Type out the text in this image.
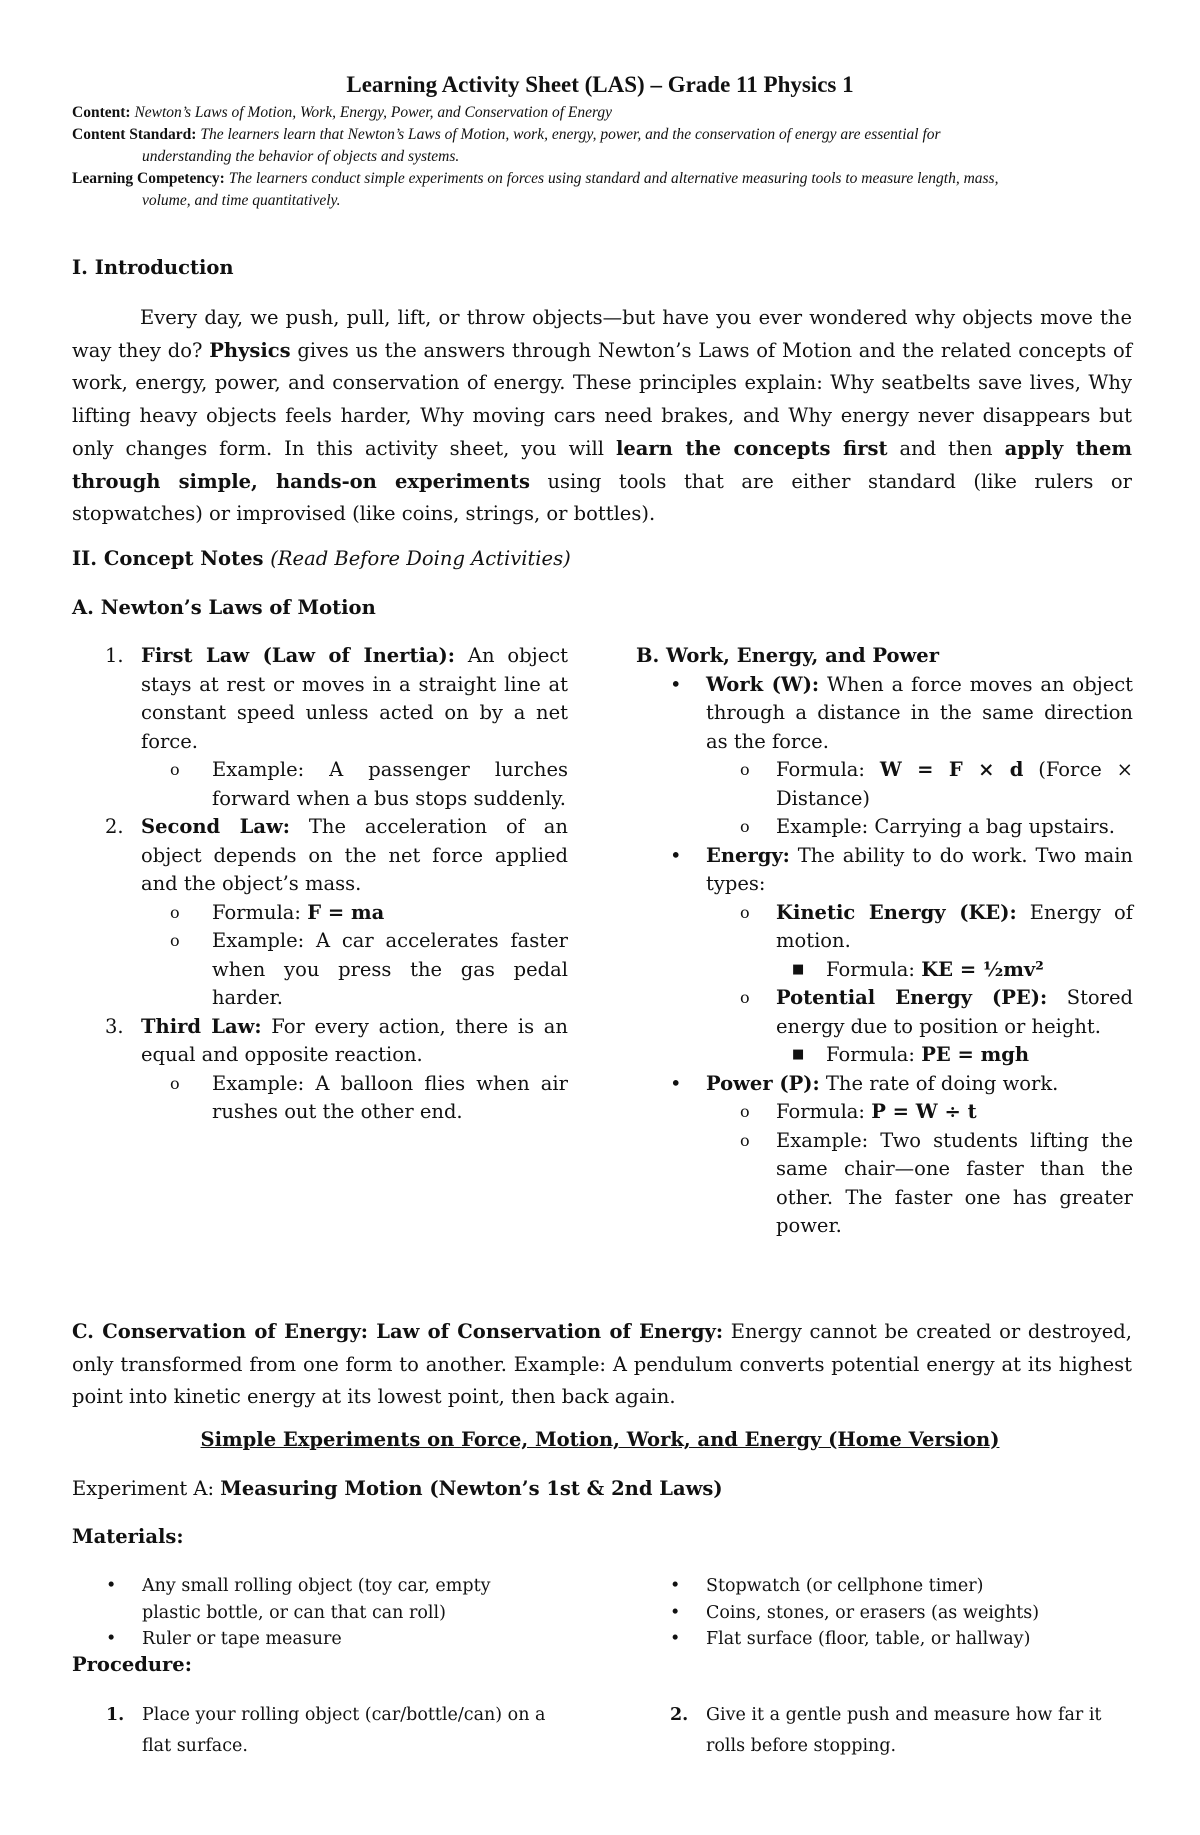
Learning Activity Sheet (LAS) – Grade 11 Physics 1
Content: Newton’s Laws of Motion, Work, Energy, Power, and Conservation of Energy
Content Standard: The learners learn that Newton’s Laws of Motion, work, energy, power, and the conservation of energy are essential for
understanding the behavior of objects and systems.
Learning Competency: The learners conduct simple experiments on forces using standard and alternative measuring tools to measure length, mass,
volume, and time quantitatively.
I. Introduction

Every day, we push, pull, lift, or throw objects—but have you ever wondered why objects move the way they do? Physics gives us the answers through Newton’s Laws of Motion and the related concepts of work, energy, power, and conservation of energy. These principles explain: Why seatbelts save lives, Why lifting heavy objects feels harder, Why moving cars need brakes, and Why energy never disappears but only changes form. In this activity sheet, you will learn the concepts first and then apply them through simple, hands-on experiments using tools that are either standard (like rulers or stopwatches) or improvised (like coins, strings, or bottles).

II. Concept Notes (Read Before Doing Activities)
A. Newton’s Laws of Motion
1. First Law (Law of Inertia): An object stays at rest or moves in a straight line at constant speed unless acted on by a net force.
o Example: A passenger lurches forward when a bus stops suddenly.
2. Second Law: The acceleration of an object depends on the net force applied and the object’s mass.
o Formula: F = ma
o Example: A car accelerates faster when you press the gas pedal harder.
3. Third Law: For every action, there is an equal and opposite reaction.
o Example: A balloon flies when air rushes out the other end.
B. Work, Energy, and Power
• Work (W): When a force moves an object through a distance in the same direction as the force.
o Formula: W = F × d (Force × Distance)
o Example: Carrying a bag upstairs.
• Energy: The ability to do work. Two main types:
o Kinetic Energy (KE): Energy of motion.
■ Formula: KE = ½mv²
o Potential Energy (PE): Stored energy due to position or height.
■ Formula: PE = mgh
• Power (P): The rate of doing work.
o Formula: P = W ÷ t
o Example: Two students lifting the same chair—one faster than the other. The faster one has greater power.

C. Conservation of Energy: Law of Conservation of Energy: Energy cannot be created or destroyed, only transformed from one form to another. Example: A pendulum converts potential energy at its highest point into kinetic energy at its lowest point, then back again.

Simple Experiments on Force, Motion, Work, and Energy (Home Version)
Experiment A: Measuring Motion (Newton’s 1st & 2nd Laws)
Materials:
• Any small rolling object (toy car, empty plastic bottle, or can that can roll)
• Ruler or tape measure
• Stopwatch (or cellphone timer)
• Coins, stones, or erasers (as weights)
• Flat surface (floor, table, or hallway)
Procedure:
1. Place your rolling object (car/bottle/can) on a flat surface.
2. Give it a gentle push and measure how far it rolls before stopping.
